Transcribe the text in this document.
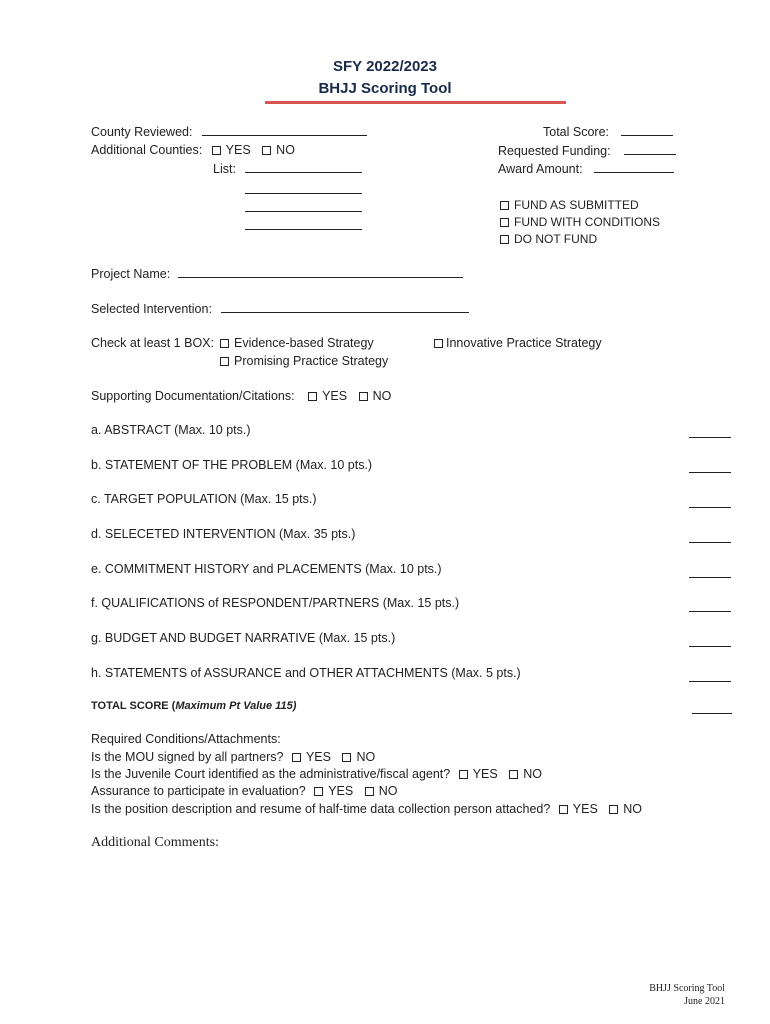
SFY 2022/2023
BHJJ Scoring Tool
County Reviewed:
Additional Counties: YES NO
List:
Total Score:
Requested Funding:
Award Amount:
FUND AS SUBMITTED
FUND WITH CONDITIONS
DO NOT FUND
Project Name:
Selected Intervention:
Check at least 1 BOX:	Evidence-based Strategy
Promising Practice Strategy
Innovative Practice Strategy
Supporting Documentation/Citations: YES NO
a. ABSTRACT (Max. 10 pts.)
b. STATEMENT OF THE PROBLEM (Max. 10 pts.)
c. TARGET POPULATION (Max. 15 pts.)
d. SELECETED INTERVENTION (Max. 35 pts.)
e. COMMITMENT HISTORY and PLACEMENTS (Max. 10 pts.)
f. QUALIFICATIONS of RESPONDENT/PARTNERS (Max. 15 pts.)
g. BUDGET AND BUDGET NARRATIVE (Max. 15 pts.)
h. STATEMENTS of ASSURANCE and OTHER ATTACHMENTS (Max. 5 pts.)
TOTAL SCORE (Maximum Pt Value 115)
Required Conditions/Attachments:
Is the MOU signed by all partners? YES NO
Is the Juvenile Court identified as the administrative/fiscal agent? YES NO
Assurance to participate in evaluation? YES NO
Is the position description and resume of half-time data collection person attached? YES NO
Additional Comments:
BHJJ Scoring Tool
June 2021
